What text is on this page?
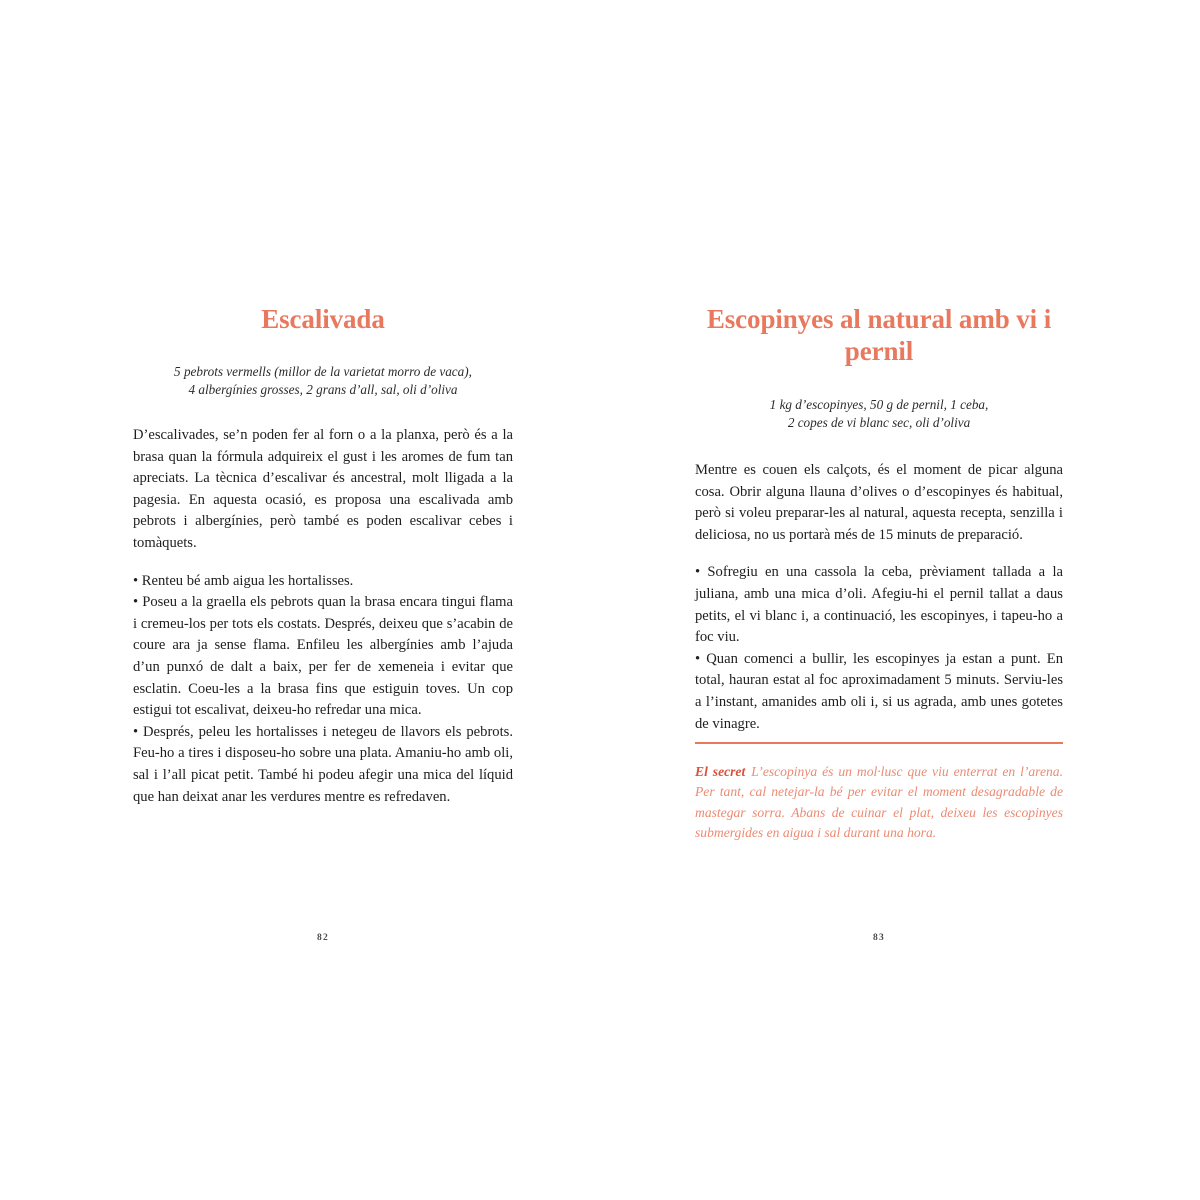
Escalivada
5 pebrots vermells (millor de la varietat morro de vaca),
4 albergínies grosses, 2 grans d’all, sal, oli d’oliva

D’escalivades, se’n poden fer al forn o a la planxa, però és a la brasa quan la fórmula adquireix el gust i les aromes de fum tan apreciats. La tècnica d’escalivar és ancestral, molt lligada a la pagesia. En aquesta ocasió, es proposa una escalivada amb pebrots i albergínies, però també es poden escalivar cebes i tomàquets.

• Renteu bé amb aigua les hortalisses.

• Poseu a la graella els pebrots quan la brasa encara tingui flama i cremeu-los per tots els costats. Després, deixeu que s’acabin de coure ara ja sense flama. Enfileu les albergínies amb l’ajuda d’un punxó de dalt a baix, per fer de xemeneia i evitar que esclatin. Coeu-les a la brasa fins que estiguin toves. Un cop estigui tot escalivat, deixeu-ho refredar una mica.

• Després, peleu les hortalisses i netegeu de llavors els pebrots. Feu-ho a tires i disposeu-ho sobre una plata. Amaniu-ho amb oli, sal i l’all picat petit. També hi podeu afegir una mica del líquid que han deixat anar les verdures mentre es refredaven.

82
Escopinyes al natural amb vi i pernil
1 kg d’escopinyes, 50 g de pernil, 1 ceba,
2 copes de vi blanc sec, oli d’oliva

Mentre es couen els calçots, és el moment de picar alguna cosa. Obrir alguna llauna d’olives o d’escopinyes és habitual, però si voleu preparar-les al natural, aquesta recepta, senzilla i deliciosa, no us portarà més de 15 minuts de preparació.

• Sofregiu en una cassola la ceba, prèviament tallada a la juliana, amb una mica d’oli. Afegiu-hi el pernil tallat a daus petits, el vi blanc i, a continuació, les escopinyes, i tapeu-ho a foc viu.

• Quan comenci a bullir, les escopinyes ja estan a punt. En total, hauran estat al foc aproximadament 5 minuts. Serviu-les a l’instant, amanides amb oli i, si us agrada, amb unes gotetes de vinagre.

El secret L’escopinya és un mol·lusc que viu enterrat en l’arena. Per tant, cal netejar-la bé per evitar el moment desagradable de mastegar sorra. Abans de cuinar el plat, deixeu les escopinyes submergides en aigua i sal durant una hora.

83
